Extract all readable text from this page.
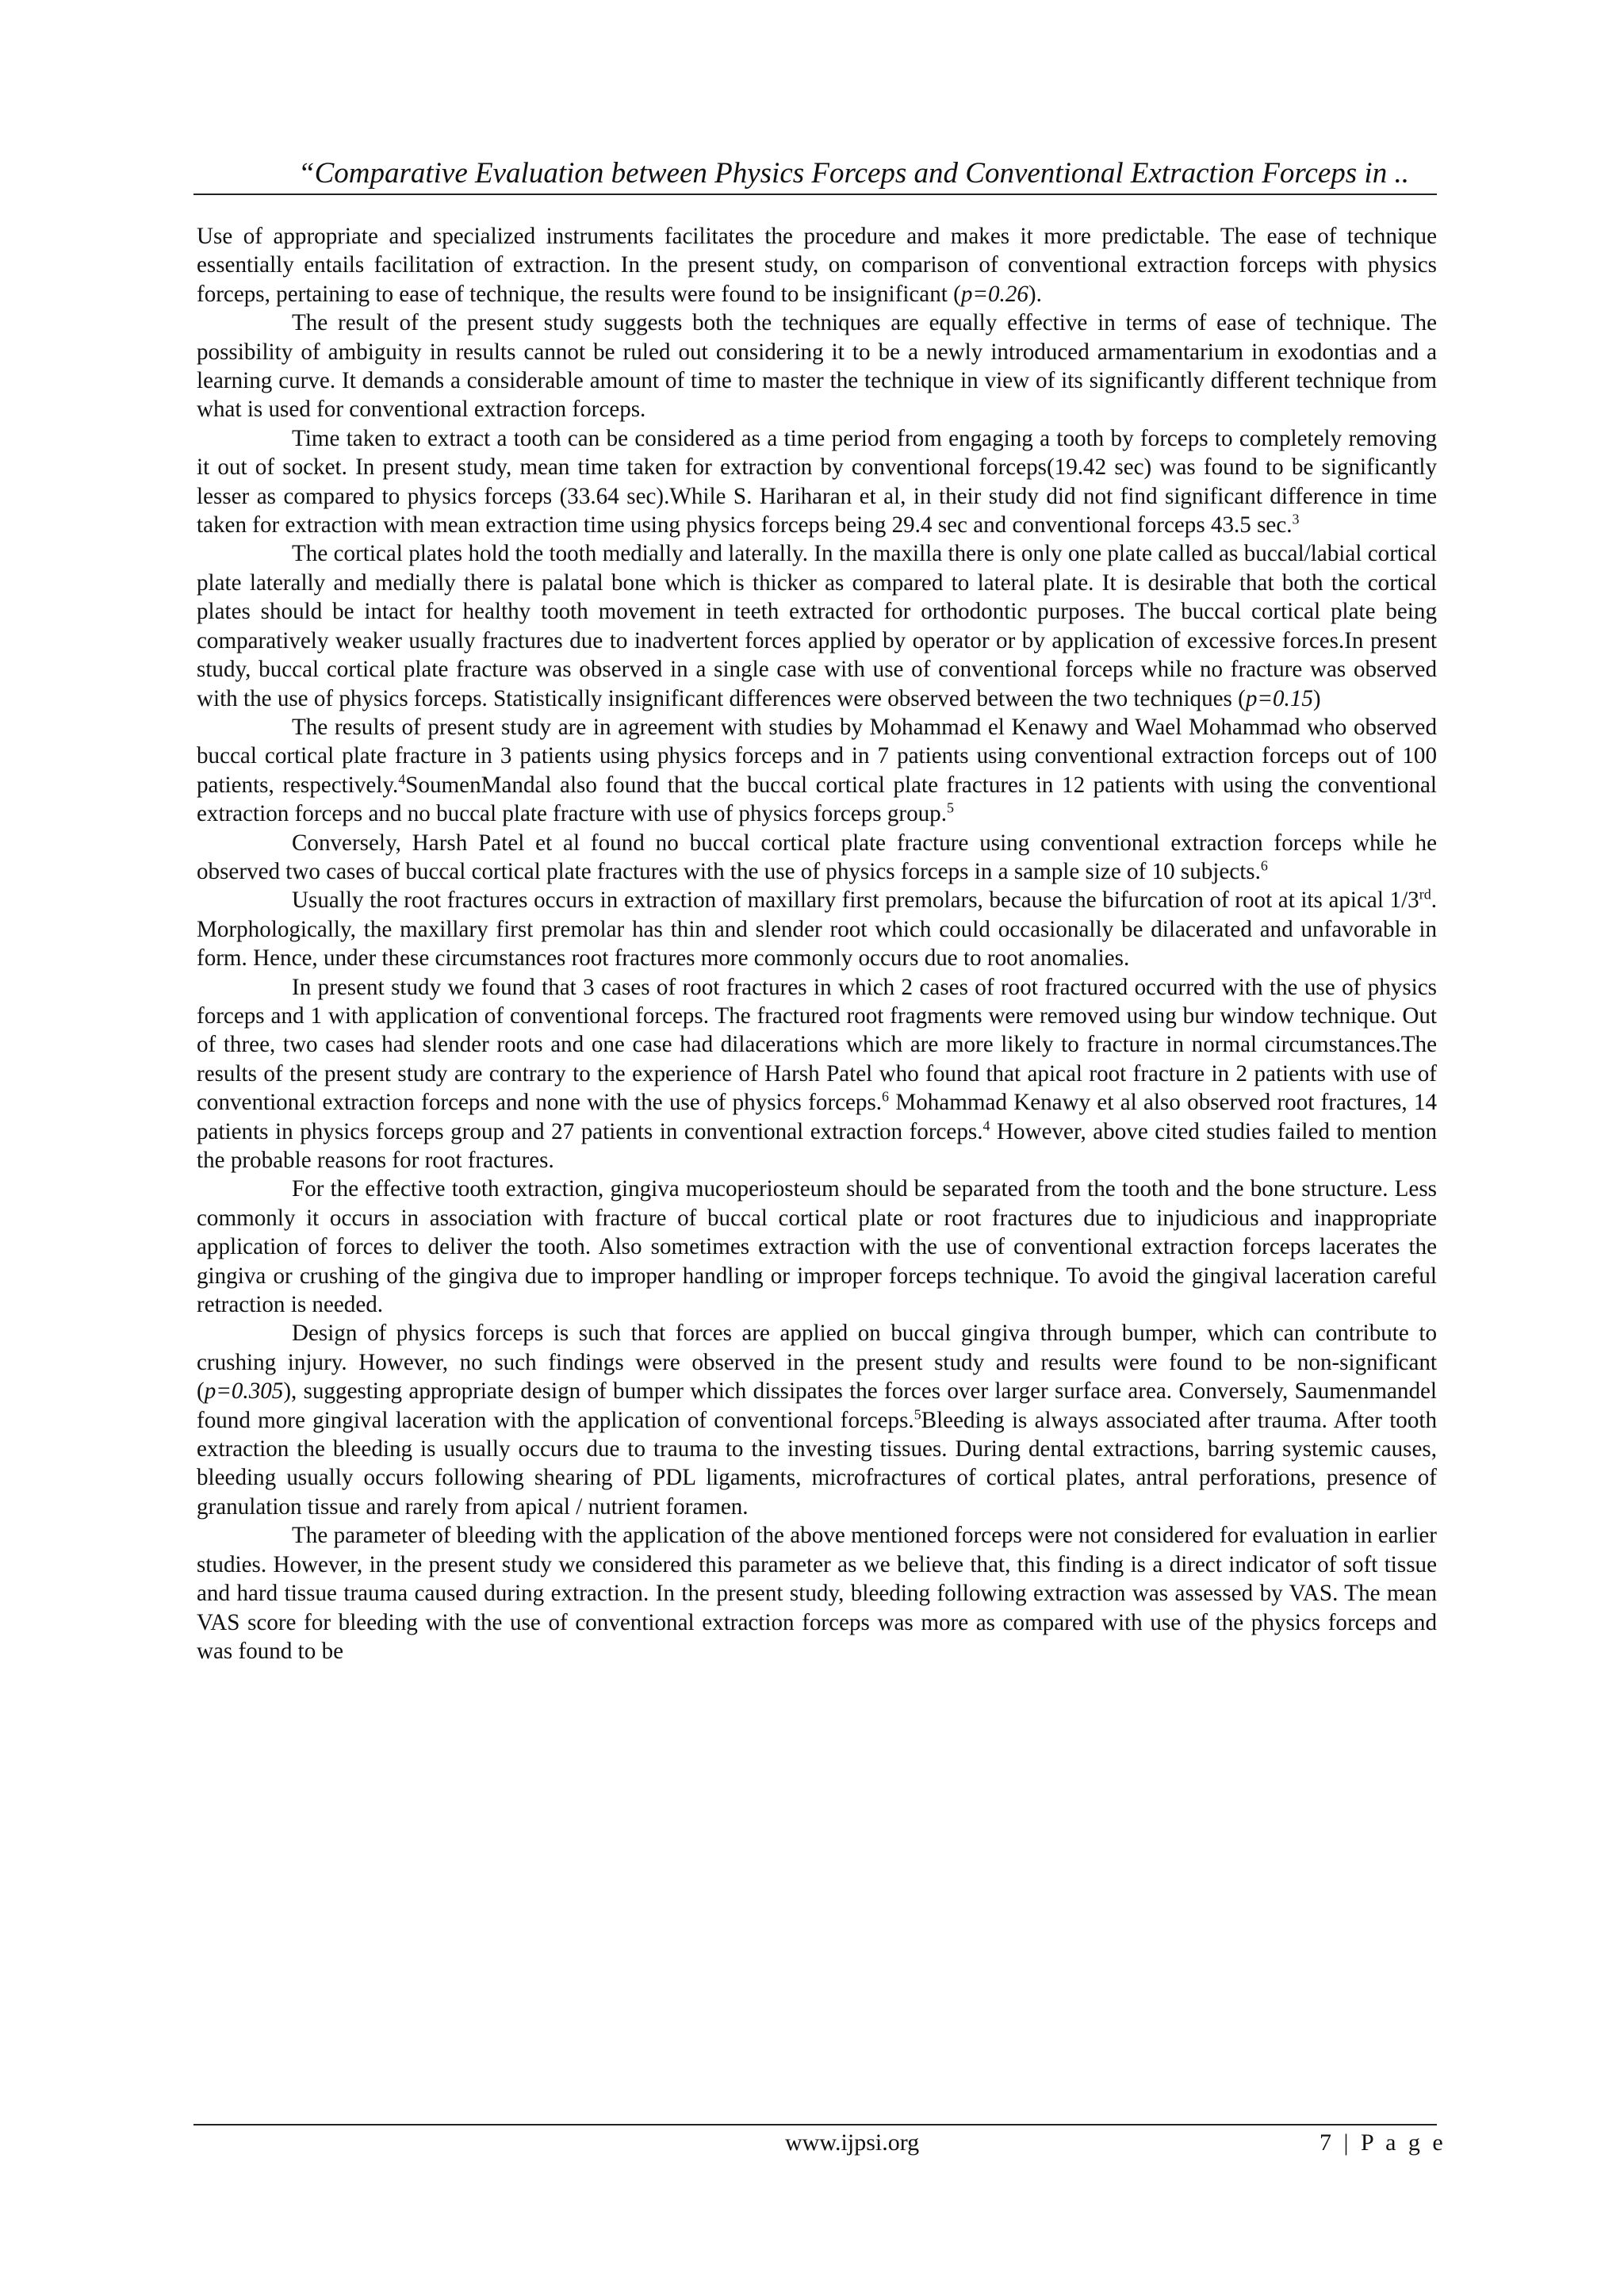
“Comparative Evaluation between Physics Forceps and Conventional Extraction Forceps in ..

Use of appropriate and specialized instruments facilitates the procedure and makes it more predictable. The ease of technique essentially entails facilitation of extraction. In the present study, on comparison of conventional extraction forceps with physics forceps, pertaining to ease of technique, the results were found to be insignificant (p=0.26).

The result of the present study suggests both the techniques are equally effective in terms of ease of technique. The possibility of ambiguity in results cannot be ruled out considering it to be a newly introduced armamentarium in exodontias and a learning curve. It demands a considerable amount of time to master the technique in view of its significantly different technique from what is used for conventional extraction forceps.

Time taken to extract a tooth can be considered as a time period from engaging a tooth by forceps to completely removing it out of socket. In present study, mean time taken for extraction by conventional forceps(19.42 sec) was found to be significantly lesser as compared to physics forceps (33.64 sec).While S. Hariharan et al, in their study did not find significant difference in time taken for extraction with mean extraction time using physics forceps being 29.4 sec and conventional forceps 43.5 sec.$^3$

The cortical plates hold the tooth medially and laterally. In the maxilla there is only one plate called as buccal/labial cortical plate laterally and medially there is palatal bone which is thicker as compared to lateral plate. It is desirable that both the cortical plates should be intact for healthy tooth movement in teeth extracted for orthodontic purposes. The buccal cortical plate being comparatively weaker usually fractures due to inadvertent forces applied by operator or by application of excessive forces.In present study, buccal cortical plate fracture was observed in a single case with use of conventional forceps while no fracture was observed with the use of physics forceps. Statistically insignificant differences were observed between the two techniques (p=0.15)

The results of present study are in agreement with studies by Mohammad el Kenawy and Wael Mohammad who observed buccal cortical plate fracture in 3 patients using physics forceps and in 7 patients using conventional extraction forceps out of 100 patients, respectively.$^4$SoumenMandal also found that the buccal cortical plate fractures in 12 patients with using the conventional extraction forceps and no buccal plate fracture with use of physics forceps group.$^5$

Conversely, Harsh Patel et al found no buccal cortical plate fracture using conventional extraction forceps while he observed two cases of buccal cortical plate fractures with the use of physics forceps in a sample size of 10 subjects.$^6$

Usually the root fractures occurs in extraction of maxillary first premolars, because the bifurcation of root at its apical 1/3rd. Morphologically, the maxillary first premolar has thin and slender root which could occasionally be dilacerated and unfavorable in form. Hence, under these circumstances root fractures more commonly occurs due to root anomalies.

In present study we found that 3 cases of root fractures in which 2 cases of root fractured occurred with the use of physics forceps and 1 with application of conventional forceps. The fractured root fragments were removed using bur window technique. Out of three, two cases had slender roots and one case had dilacerations which are more likely to fracture in normal circumstances.The results of the present study are contrary to the experience of Harsh Patel who found that apical root fracture in 2 patients with use of conventional extraction forceps and none with the use of physics forceps.$^6$ Mohammad Kenawy et al also observed root fractures, 14 patients in physics forceps group and 27 patients in conventional extraction forceps.$^4$ However, above cited studies failed to mention the probable reasons for root fractures.

For the effective tooth extraction, gingiva mucoperiosteum should be separated from the tooth and the bone structure. Less commonly it occurs in association with fracture of buccal cortical plate or root fractures due to injudicious and inappropriate application of forces to deliver the tooth. Also sometimes extraction with the use of conventional extraction forceps lacerates the gingiva or crushing of the gingiva due to improper handling or improper forceps technique. To avoid the gingival laceration careful retraction is needed.

Design of physics forceps is such that forces are applied on buccal gingiva through bumper, which can contribute to crushing injury. However, no such findings were observed in the present study and results were found to be non-significant (p=0.305), suggesting appropriate design of bumper which dissipates the forces over larger surface area. Conversely, Saumenmandel found more gingival laceration with the application of conventional forceps.$^5$Bleeding is always associated after trauma. After tooth extraction the bleeding is usually occurs due to trauma to the investing tissues. During dental extractions, barring systemic causes, bleeding usually occurs following shearing of PDL ligaments, microfractures of cortical plates, antral perforations, presence of granulation tissue and rarely from apical / nutrient foramen.

The parameter of bleeding with the application of the above mentioned forceps were not considered for evaluation in earlier studies. However, in the present study we considered this parameter as we believe that, this finding is a direct indicator of soft tissue and hard tissue trauma caused during extraction. In the present study, bleeding following extraction was assessed by VAS. The mean VAS score for bleeding with the use of conventional extraction forceps was more as compared with use of the physics forceps and was found to be

www.ijpsi.org	7 | P a g e
